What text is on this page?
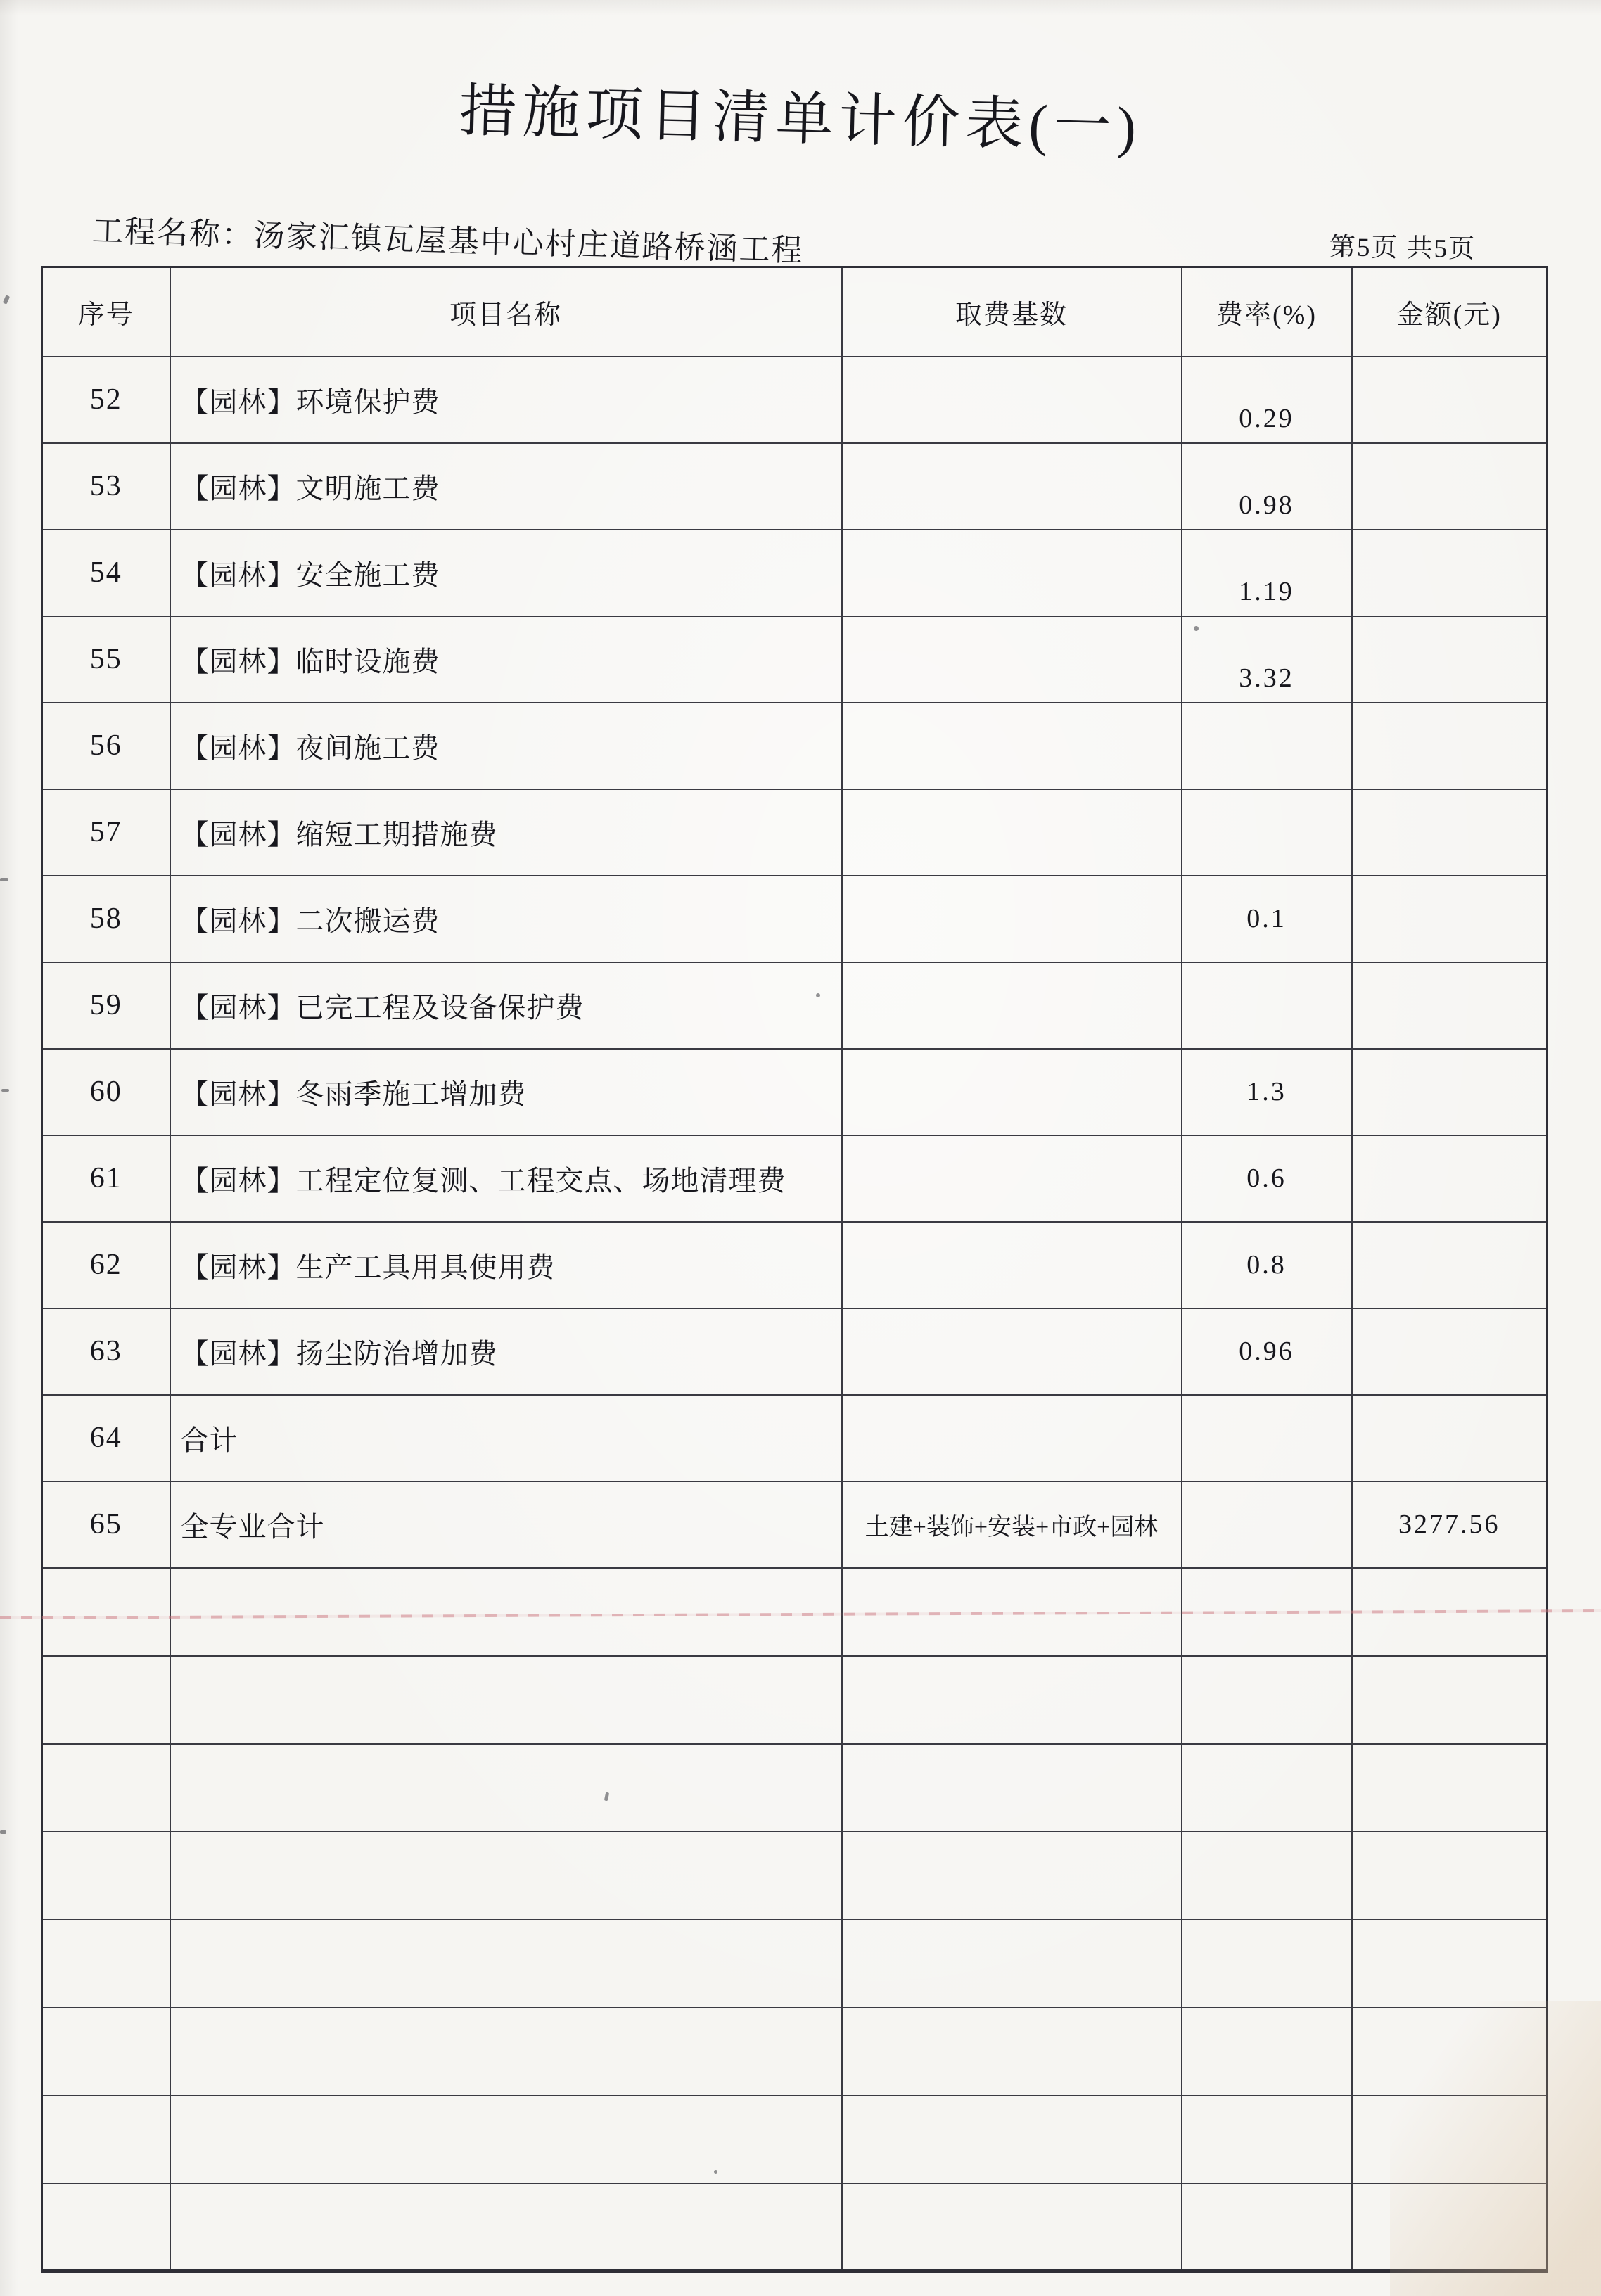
措施项目清单计价表(一)
工程名称：汤家汇镇瓦屋基中心村庄道路桥涵工程	第5页 共5页
序号	项目名称	取费基数	费率(%)	金额(元)
52	【园林】环境保护费		0.29	
53	【园林】文明施工费		0.98	
54	【园林】安全施工费		1.19	
55	【园林】临时设施费		3.32	
56	【园林】夜间施工费			
57	【园林】缩短工期措施费			
58	【园林】二次搬运费		0.1	
59	【园林】已完工程及设备保护费			
60	【园林】冬雨季施工增加费		1.3	
61	【园林】工程定位复测、工程交点、场地清理费		0.6	
62	【园林】生产工具用具使用费		0.8	
63	【园林】扬尘防治增加费		0.96	
64	合计			
65	全专业合计	土建+装饰+安装+市政+园林		3277.56
